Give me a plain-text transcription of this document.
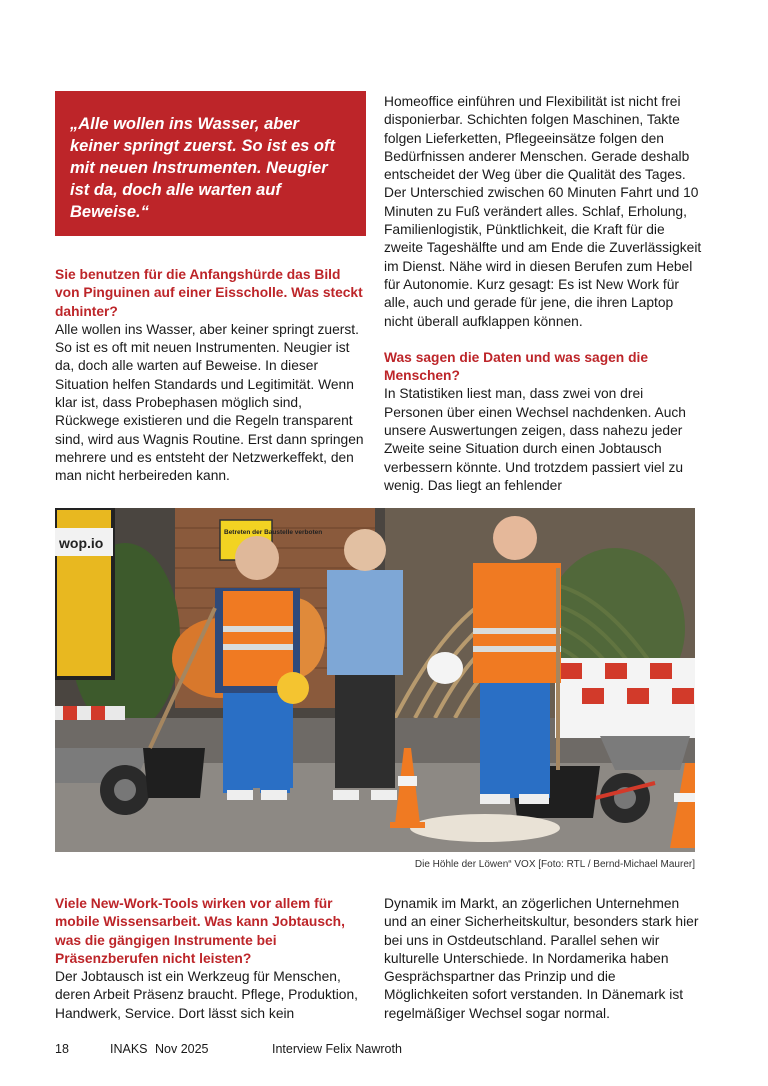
„Alle wollen ins Wasser, aber keiner springt zuerst. So ist es oft mit neuen Instrumenten. Neugier ist da, doch alle warten auf Beweise.“

Sie benutzen für die Anfangshürde das Bild von Pinguinen auf einer Eisscholle. Was steckt dahinter?

Alle wollen ins Wasser, aber keiner springt zuerst. So ist es oft mit neuen Instrumenten. Neugier ist da, doch alle warten auf Beweise. In dieser Situation helfen Standards und Legitimität. Wenn klar ist, dass Probephasen möglich sind, Rückwege existieren und die Regeln transparent sind, wird aus Wagnis Routine. Erst dann springen mehrere und es entsteht der Netzwerkeffekt, den man nicht herbeireden kann.

Homeoffice einführen und Flexibilität ist nicht frei disponierbar. Schichten folgen Maschinen, Takte folgen Lieferketten, Pflegeeinsätze folgen den Bedürfnissen anderer Menschen. Gerade deshalb entscheidet der Weg über die Qualität des Tages. Der Unterschied zwischen 60 Minuten Fahrt und 10 Minuten zu Fuß verändert alles. Schlaf, Erholung, Familienlogistik, Pünktlichkeit, die Kraft für die zweite Tageshälfte und am Ende die Zuverlässigkeit im Dienst. Nähe wird in diesen Berufen zum Hebel für Autonomie. Kurz gesagt: Es ist New Work für alle, auch und gerade für jene, die ihren Laptop nicht überall aufklappen können.

Was sagen die Daten und was sagen die Menschen?

In Statistiken liest man, dass zwei von drei Personen über einen Wechsel nachdenken. Auch unsere Auswertungen zeigen, dass nahezu jeder Zweite seine Situation durch einen Jobtausch verbessern könnte. Und trotzdem passiert viel zu wenig. Das liegt an fehlender

wop.io
Betreten der Baustelle verboten
Die Höhle der Löwen“ VOX [Foto: RTL / Bernd-Michael Maurer]

Viele New-Work-Tools wirken vor allem für mobile Wissensarbeit. Was kann Jobtausch, was die gängigen Instrumente bei Präsenzberufen nicht leisten?

Der Jobtausch ist ein Werkzeug für Menschen, deren Arbeit Präsenz braucht. Pflege, Produktion, Handwerk, Service. Dort lässt sich kein

Dynamik im Markt, an zögerlichen Unternehmen und an einer Sicherheitskultur, besonders stark hier bei uns in Ostdeutschland. Parallel sehen wir kulturelle Unterschiede. In Nordamerika haben Gesprächspartner das Prinzip und die Möglichkeiten sofort verstanden. In Dänemark ist regelmäßiger Wechsel sogar normal.

18	INAKS Nov 2025	Interview Felix Nawroth
